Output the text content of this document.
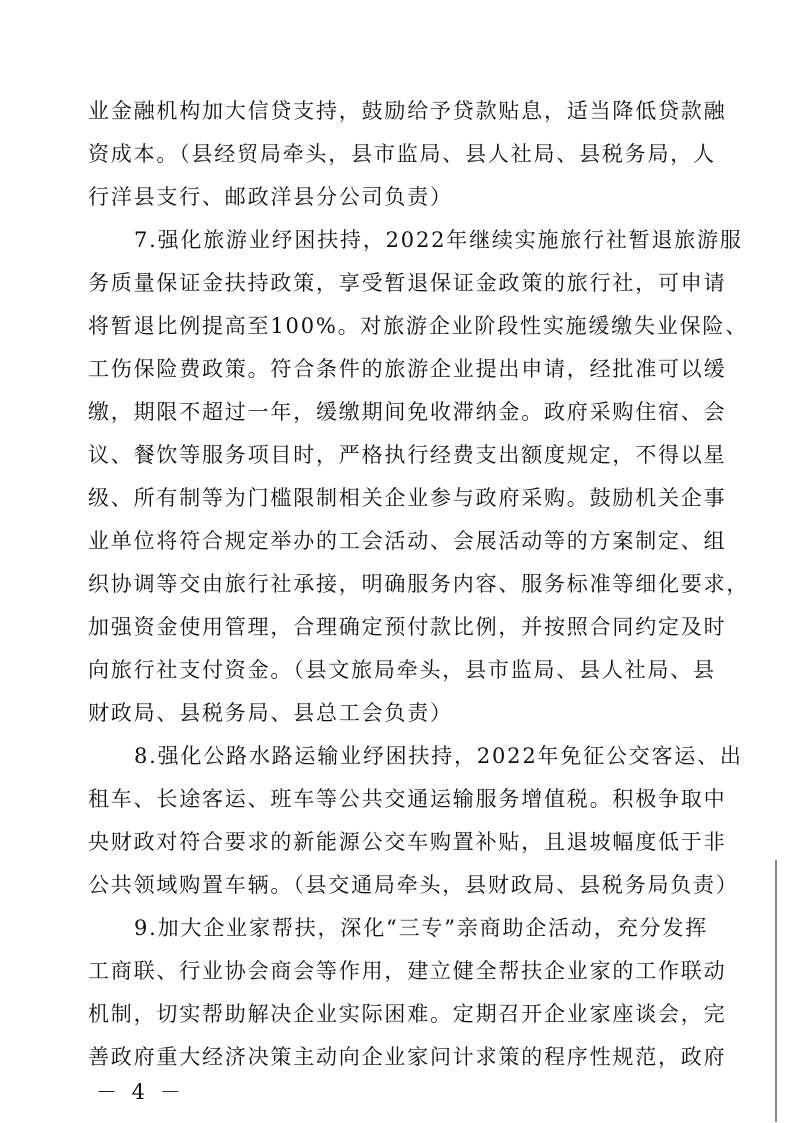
业金融机构加大信贷支持，鼓励给予贷款贴息，适当降低贷款融
资成本。（县经贸局牵头，县市监局、县人社局、县税务局，人
行洋县支行、邮政洋县分公司负责）
7.强化旅游业纾困扶持，2022年继续实施旅行社暂退旅游服
务质量保证金扶持政策，享受暂退保证金政策的旅行社，可申请
将暂退比例提高至100%。对旅游企业阶段性实施缓缴失业保险、
工伤保险费政策。符合条件的旅游企业提出申请，经批准可以缓
缴，期限不超过一年，缓缴期间免收滞纳金。政府采购住宿、会
议、餐饮等服务项目时，严格执行经费支出额度规定，不得以星
级、所有制等为门槛限制相关企业参与政府采购。鼓励机关企事
业单位将符合规定举办的工会活动、会展活动等的方案制定、组
织协调等交由旅行社承接，明确服务内容、服务标准等细化要求，
加强资金使用管理，合理确定预付款比例，并按照合同约定及时
向旅行社支付资金。（县文旅局牵头，县市监局、县人社局、县
财政局、县税务局、县总工会负责）
8.强化公路水路运输业纾困扶持，2022年免征公交客运、出
租车、长途客运、班车等公共交通运输服务增值税。积极争取中
央财政对符合要求的新能源公交车购置补贴，且退坡幅度低于非
公共领域购置车辆。（县交通局牵头，县财政局、县税务局负责）
9.加大企业家帮扶，深化“三专”亲商助企活动，充分发挥
工商联、行业协会商会等作用，建立健全帮扶企业家的工作联动
机制，切实帮助解决企业实际困难。定期召开企业家座谈会，完
善政府重大经济决策主动向企业家问计求策的程序性规范，政府
－ 4 －
